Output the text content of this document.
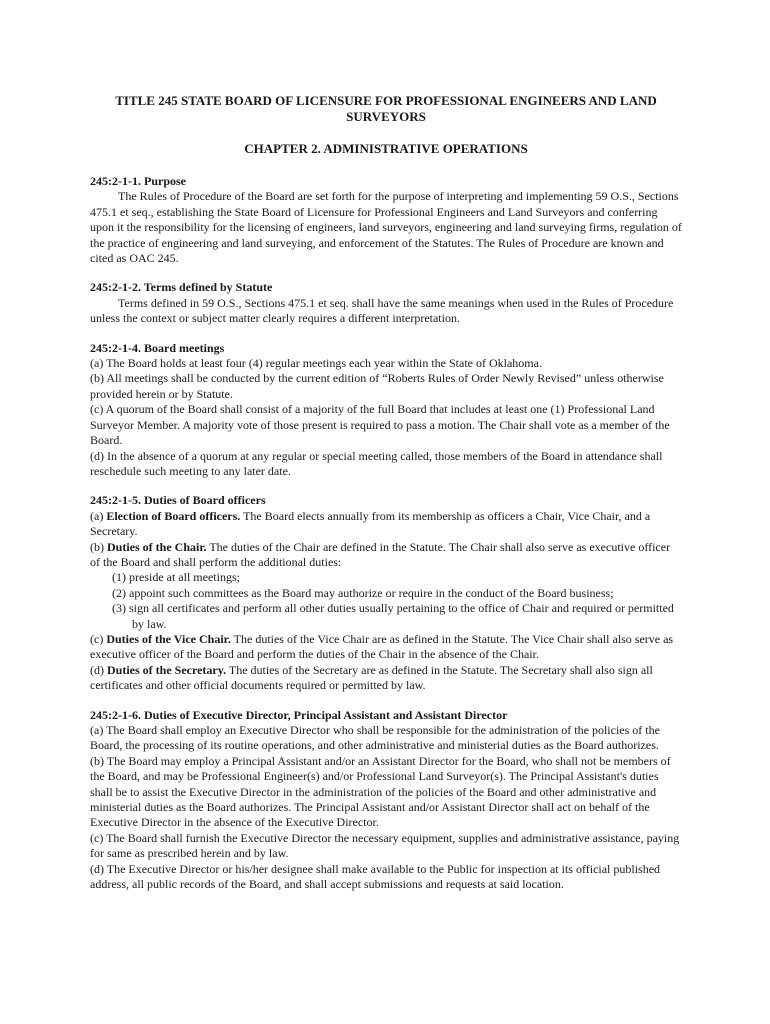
TITLE 245 STATE BOARD OF LICENSURE FOR PROFESSIONAL ENGINEERS AND LAND SURVEYORS

CHAPTER 2. ADMINISTRATIVE OPERATIONS

245:2-1-1. Purpose

The Rules of Procedure of the Board are set forth for the purpose of interpreting and implementing 59 O.S., Sections 475.1 et seq., establishing the State Board of Licensure for Professional Engineers and Land Surveyors and conferring upon it the responsibility for the licensing of engineers, land surveyors, engineering and land surveying firms, regulation of the practice of engineering and land surveying, and enforcement of the Statutes. The Rules of Procedure are known and cited as OAC 245.

245:2-1-2. Terms defined by Statute

Terms defined in 59 O.S., Sections 475.1 et seq. shall have the same meanings when used in the Rules of Procedure unless the context or subject matter clearly requires a different interpretation.

245:2-1-4. Board meetings

(a) The Board holds at least four (4) regular meetings each year within the State of Oklahoma.

(b) All meetings shall be conducted by the current edition of “Roberts Rules of Order Newly Revised” unless otherwise provided herein or by Statute.

(c) A quorum of the Board shall consist of a majority of the full Board that includes at least one (1) Professional Land Surveyor Member. A majority vote of those present is required to pass a motion. The Chair shall vote as a member of the Board.

(d) In the absence of a quorum at any regular or special meeting called, those members of the Board in attendance shall reschedule such meeting to any later date.

245:2-1-5. Duties of Board officers

(a) Election of Board officers. The Board elects annually from its membership as officers a Chair, Vice Chair, and a Secretary.

(b) Duties of the Chair. The duties of the Chair are defined in the Statute. The Chair shall also serve as executive officer of the Board and shall perform the additional duties:

(1) preside at all meetings;

(2) appoint such committees as the Board may authorize or require in the conduct of the Board business;

(3) sign all certificates and perform all other duties usually pertaining to the office of Chair and required or permitted by law.

(c) Duties of the Vice Chair. The duties of the Vice Chair are as defined in the Statute. The Vice Chair shall also serve as executive officer of the Board and perform the duties of the Chair in the absence of the Chair.

(d) Duties of the Secretary. The duties of the Secretary are as defined in the Statute. The Secretary shall also sign all certificates and other official documents required or permitted by law.

245:2-1-6. Duties of Executive Director, Principal Assistant and Assistant Director

(a) The Board shall employ an Executive Director who shall be responsible for the administration of the policies of the Board, the processing of its routine operations, and other administrative and ministerial duties as the Board authorizes.

(b) The Board may employ a Principal Assistant and/or an Assistant Director for the Board, who shall not be members of the Board, and may be Professional Engineer(s) and/or Professional Land Surveyor(s). The Principal Assistant's duties shall be to assist the Executive Director in the administration of the policies of the Board and other administrative and ministerial duties as the Board authorizes. The Principal Assistant and/or Assistant Director shall act on behalf of the Executive Director in the absence of the Executive Director.

(c) The Board shall furnish the Executive Director the necessary equipment, supplies and administrative assistance, paying for same as prescribed herein and by law.

(d) The Executive Director or his/her designee shall make available to the Public for inspection at its official published address, all public records of the Board, and shall accept submissions and requests at said location.
